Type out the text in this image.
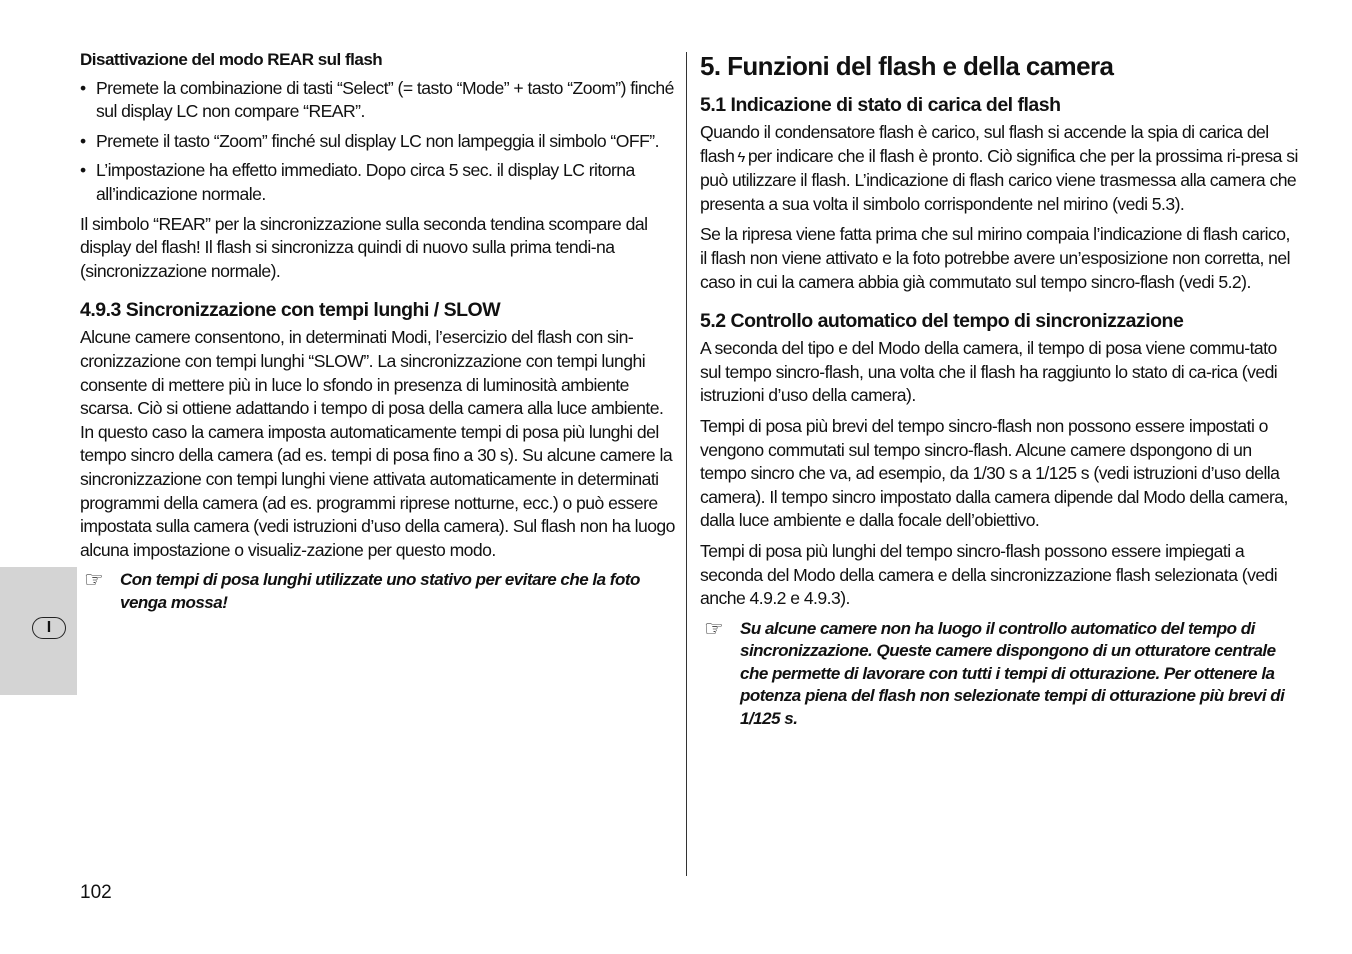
I

Disattivazione del modo REAR sul flash

• Premete la combinazione di tasti “Select” (= tasto “Mode” + tasto “Zoom”) finché sul display LC non compare “REAR”.
• Premete il tasto “Zoom” finché sul display LC non lampeggia il simbolo “OFF”.
• L’impostazione ha effetto immediato. Dopo circa 5 sec. il display LC ritorna all’indicazione normale.

Il simbolo “REAR” per la sincronizzazione sulla seconda tendina scompare dal display del flash! Il flash si sincronizza quindi di nuovo sulla prima tendi-na (sincronizzazione normale).

4.9.3 Sincronizzazione con tempi lunghi / SLOW

Alcune camere consentono, in determinati Modi, l’esercizio del flash con sin-cronizzazione con tempi lunghi “SLOW”. La sincronizzazione con tempi lunghi consente di mettere più in luce lo sfondo in presenza di luminosità ambiente scarsa. Ciò si ottiene adattando i tempo di posa della camera alla luce ambiente. In questo caso la camera imposta automaticamente tempi di posa più lunghi del tempo sincro della camera (ad es. tempi di posa fino a 30 s). Su alcune camere la sincronizzazione con tempi lunghi viene attivata automaticamente in determinati programmi della camera (ad es. programmi riprese notturne, ecc.) o può essere impostata sulla camera (vedi istruzioni d’uso della camera). Sul flash non ha luogo alcuna impostazione o visualiz-zazione per questo modo.

☞ Con tempi di posa lunghi utilizzate uno stativo per evitare che la foto venga mossa!

5. Funzioni del flash e della camera

5.1 Indicazione di stato di carica del flash

Quando il condensatore flash è carico, sul flash si accende la spia di carica del flash ϟ per indicare che il flash è pronto. Ciò significa che per la prossima ri-presa si può utilizzare il flash. L’indicazione di flash carico viene trasmessa alla camera che presenta a sua volta il simbolo corrispondente nel mirino (vedi 5.3).

Se la ripresa viene fatta prima che sul mirino compaia l’indicazione di flash carico, il flash non viene attivato e la foto potrebbe avere un’esposizione non corretta, nel caso in cui la camera abbia già commutato sul tempo sincro-flash (vedi 5.2).

5.2 Controllo automatico del tempo di sincronizzazione

A seconda del tipo e del Modo della camera, il tempo di posa viene commu-tato sul tempo sincro-flash, una volta che il flash ha raggiunto lo stato di ca-rica (vedi istruzioni d’uso della camera).

Tempi di posa più brevi del tempo sincro-flash non possono essere impostati o vengono commutati sul tempo sincro-flash. Alcune camere dspongono di un tempo sincro che va, ad esempio, da 1/30 s a 1/125 s (vedi istruzioni d’uso della camera). Il tempo sincro impostato dalla camera dipende dal Modo della camera, dalla luce ambiente e dalla focale dell’obiettivo.

Tempi di posa più lunghi del tempo sincro-flash possono essere impiegati a seconda del Modo della camera e della sincronizzazione flash selezionata (vedi anche 4.9.2 e 4.9.3).

☞ Su alcune camere non ha luogo il controllo automatico del tempo di sincronizzazione. Queste camere dispongono di un otturatore centrale che permette di lavorare con tutti i tempi di otturazione. Per ottenere la potenza piena del flash non selezionate tempi di otturazione più brevi di 1/125 s.

102
